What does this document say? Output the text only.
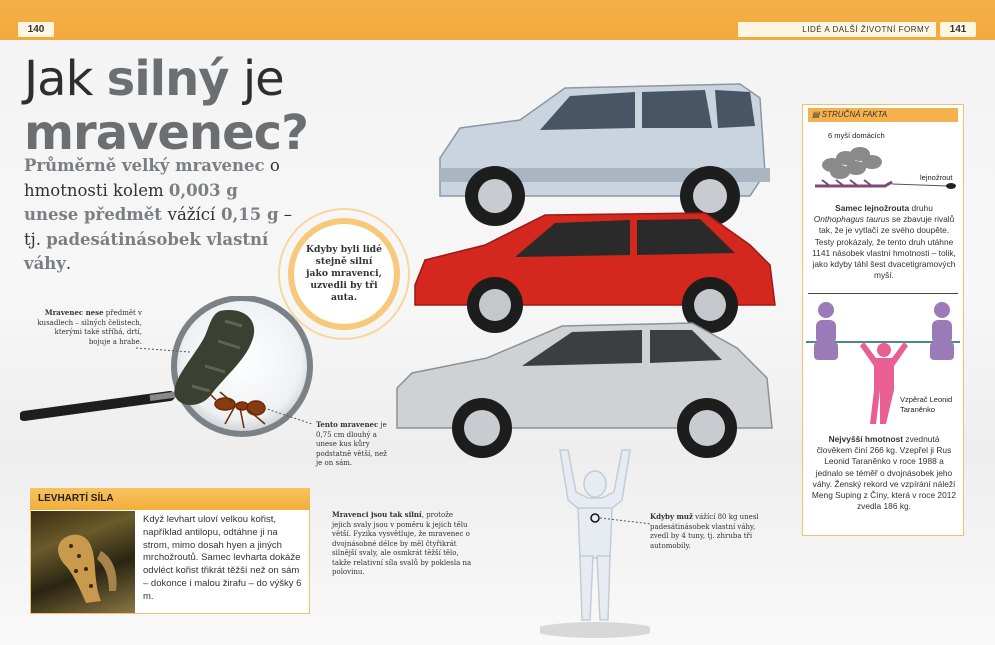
140	LIDÉ A DALŠÍ ŽIVOTNÍ FORMY	141
Jak silný je
mravenec?
Průměrně velký mravenec o hmotnosti kolem 0,003 g unese předmět vážící 0,15 g – tj. padesátinásobek vlastní váhy.
Kdyby byli lidé stejně silní jako mravenci, uzvedli by tři auta.
Mravenec nese předmět v kusadlech – silných čelistech, kterými také stříhá, drtí, bojuje a hrabe.
Tento mravenec je 0,75 cm dlouhý a unese kus kůry podstatně větší, než je on sám.
Mravenci jsou tak silní, protože jejich svaly jsou v poměru k jejich tělu větší. Fyzika vysvětluje, že mravenec o dvojnásobné délce by měl čtyřikrát silnější svaly, ale osmkrát těžší tělo, takže relativní síla svalů by poklesla na polovinu.
Kdyby muž vážící 80 kg unesl padesátinásobek vlastní váhy, zvedl by 4 tuny, tj. zhruba tři automobily.
LEVHARTÍ SÍLA
Když levhart uloví velkou kořist, například antilopu, odtáhne ji na strom, mimo dosah hyen a jiných mrchožroutů. Samec levharta dokáže odvléct kořist třikrát těžší než on sám – dokonce i malou žirafu – do výšky 6 m.
▤ STRUČNÁ FAKTA
6 myší domácích
lejnožrout
Samec lejnožrouta druhu Onthophagus taurus se zbavuje rivalů tak, že je vytlačí ze svého doupěte. Testy prokázaly, že tento druh utáhne 1141 násobek vlastní hmotnosti – tolik, jako kdyby táhl šest dvacetigramových myší.
Vzpěrač Leonid Taraněnko
Nejvyšší hmotnost zvednutá člověkem činí 266 kg. Vzepřel ji Rus Leonid Taraněnko v roce 1988 a jednalo se téměř o dvojnásobek jeho váhy. Ženský rekord ve vzpírání náleží Meng Suping z Číny, která v roce 2012 zvedla 186 kg.
